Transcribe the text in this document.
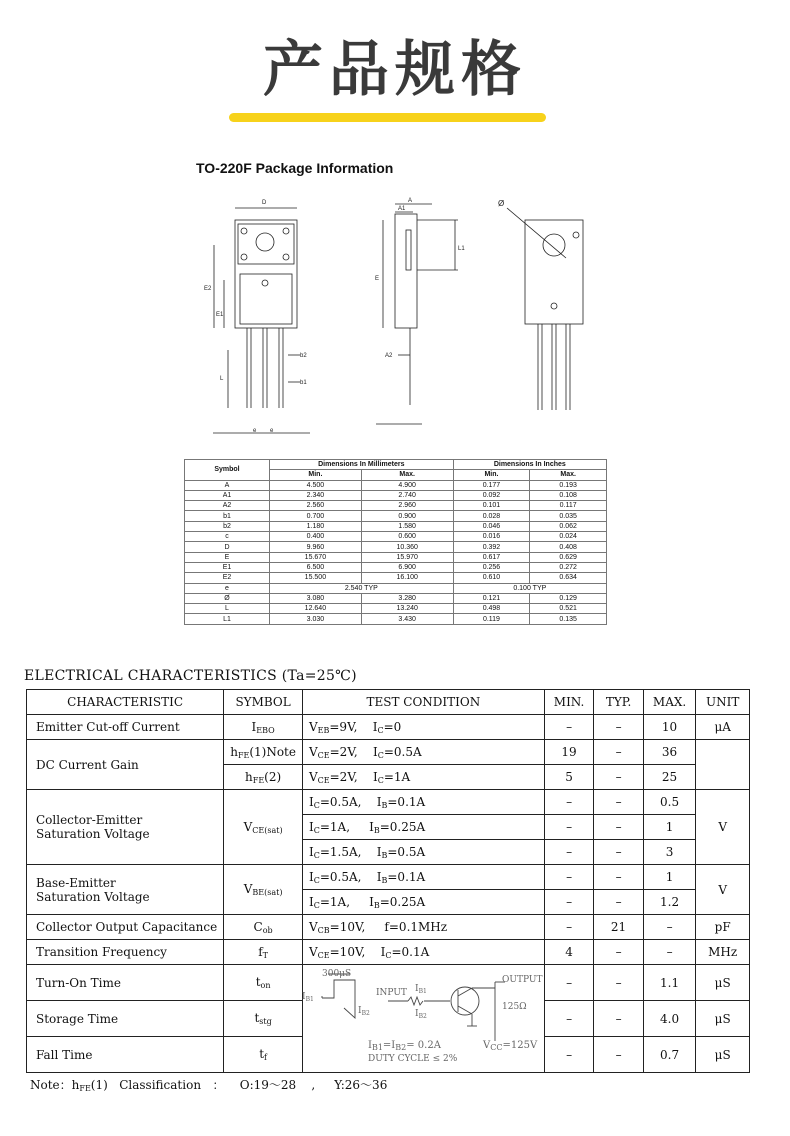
产品规格
TO-220F Package Information
D
E2
E1
L
b2
b1
e e
A
A1
A2
E
L1
Ø
Symbol	Dimensions In Millimeters		Dimensions In Inches	
	Min.	Max.	Min.	Max.
A	4.500	4.900	0.177	0.193
A1	2.340	2.740	0.092	0.108
A2	2.560	2.960	0.101	0.117
b1	0.700	0.900	0.028	0.035
b2	1.180	1.580	0.046	0.062
c	0.400	0.600	0.016	0.024
D	9.960	10.360	0.392	0.408
E	15.670	15.970	0.617	0.629
E1	6.500	6.900	0.256	0.272
E2	15.500	16.100	0.610	0.634
e	2.540 TYP		0.100 TYP	
Ø	3.080	3.280	0.121	0.129
L	12.640	13.240	0.498	0.521
L1	3.030	3.430	0.119	0.135
ELECTRICAL CHARACTERISTICS (Ta=25℃)
CHARACTERISTIC	SYMBOL	TEST CONDITION	MIN.	TYP.	MAX.	UNIT
Emitter Cut-off Current	$I_{EBO}$	$V_{EB}=9V$,    $I_C=0$	–	–	10	μA
DC Current Gain	$h_{FE}(1)Note$	$V_{CE}=2V$,    $I_C=0.5A$	19	–	36	
	$h_{FE}(2)$	$V_{CE}=2V$,    $I_C=1A$	5	–	25	
Collector-Emitter
Saturation Voltage	$V_{CE(sat)}$	$I_C=0.5A$,    $I_B=0.1A$	–	–	0.5	V
		$I_C=1A$,     $I_B=0.25A$	–	–	1	
		$I_C=1.5A$,    $I_B=0.5A$	–	–	3	
Base-Emitter
Saturation Voltage	$V_{BE(sat)}$	$I_C=0.5A$,    $I_B=0.1A$	–	–	1	V
		$I_C=1A$,     $I_B=0.25A$	–	–	1.2	
Collector Output Capacitance	$C_{ob}$	$V_{CB}=10V$,     f=0.1MHz	–	21	–	pF
Transition Frequency	$f_T$	$V_{CE}=10V$,    $I_C=0.1A$	4	–	–	MHz
Turn-On Time	$t_{on}$		–	–	1.1	μS
Storage Time	$t_{stg}$		–	–	4.0	μS
Fall Time	$t_f$		–	–	0.7	μS
300μS
$I_{B1}$
$I_{B2}$
INPUT $I_{B1}$
$I_{B2}$
OUTPUT
125Ω
$V_{CC}=125V$
$I_{B1}=I_{B2}= 0.2A$
DUTY CYCLE ≤ 2%
Note：$h_{FE}(1)$   Classification   ：    O:19～28    ,     Y:26～36
